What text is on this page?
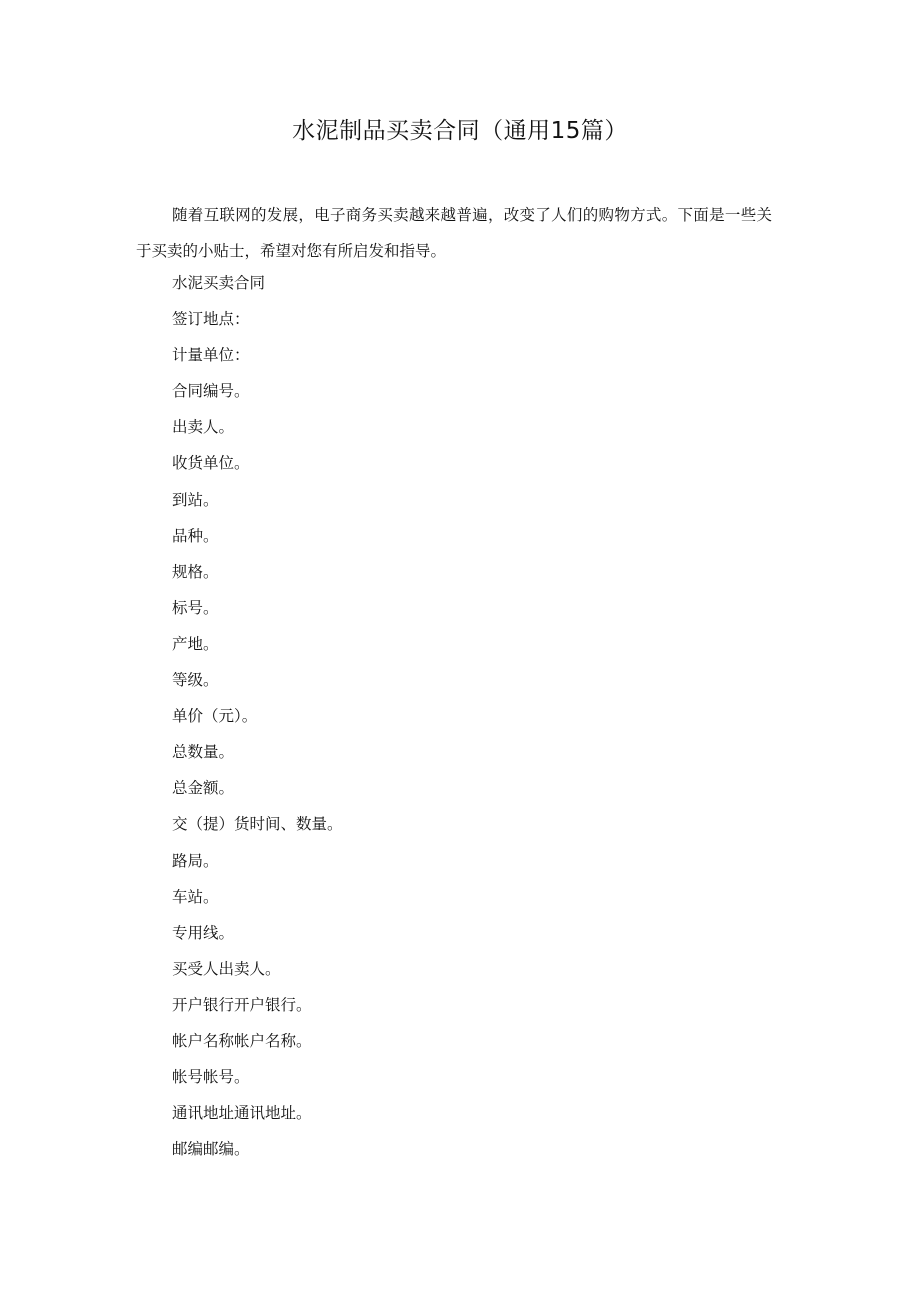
水泥制品买卖合同（通用15篇）

随着互联网的发展，电子商务买卖越来越普遍，改变了人们的购物方式。下面是一些关于买卖的小贴士，希望对您有所启发和指导。

水泥买卖合同
签订地点：
计量单位：
合同编号。
出卖人。
收货单位。
到站。
品种。
规格。
标号。
产地。
等级。
单价（元）。
总数量。
总金额。
交（提）货时间、数量。
路局。
车站。
专用线。
买受人出卖人。
开户银行开户银行。
帐户名称帐户名称。
帐号帐号。
通讯地址通讯地址。
邮编邮编。
